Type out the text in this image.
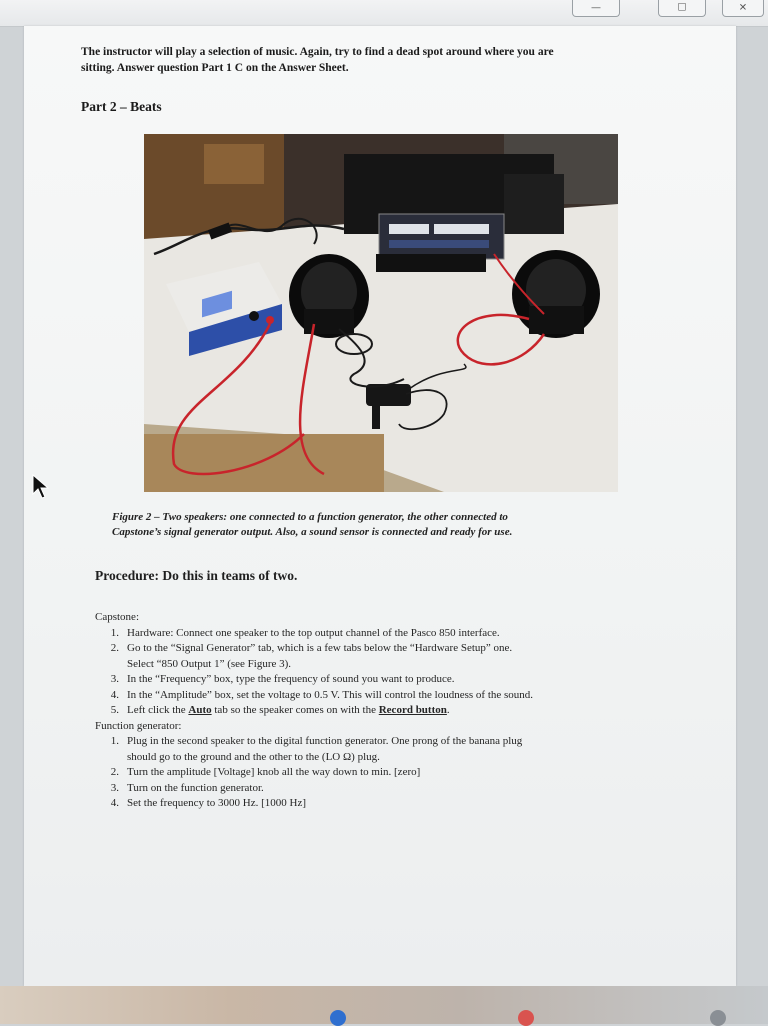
—	☐	✕
The instructor will play a selection of music. Again, try to find a dead spot around where you are
sitting. Answer question Part 1 C on the Answer Sheet.
Part 2 – Beats
Figure 2 – Two speakers: one connected to a function generator, the other connected to
Capstone’s signal generator output. Also, a sound sensor is connected and ready for use.
Procedure: Do this in teams of two.
Capstone:
1. Hardware: Connect one speaker to the top output channel of the Pasco 850 interface.
2. Go to the “Signal Generator” tab, which is a few tabs below the “Hardware Setup” one.
Select “850 Output 1” (see Figure 3).
3. In the “Frequency” box, type the frequency of sound you want to produce.
4. In the “Amplitude” box, set the voltage to 0.5 V. This will control the loudness of the sound.
5. Left click the Auto tab so the speaker comes on with the Record button.
Function generator:
1. Plug in the second speaker to the digital function generator. One prong of the banana plug
should go to the ground and the other to the (LO Ω) plug.
2. Turn the amplitude [Voltage] knob all the way down to min. [zero]
3. Turn on the function generator.
4. Set the frequency to 3000 Hz. [1000 Hz]
